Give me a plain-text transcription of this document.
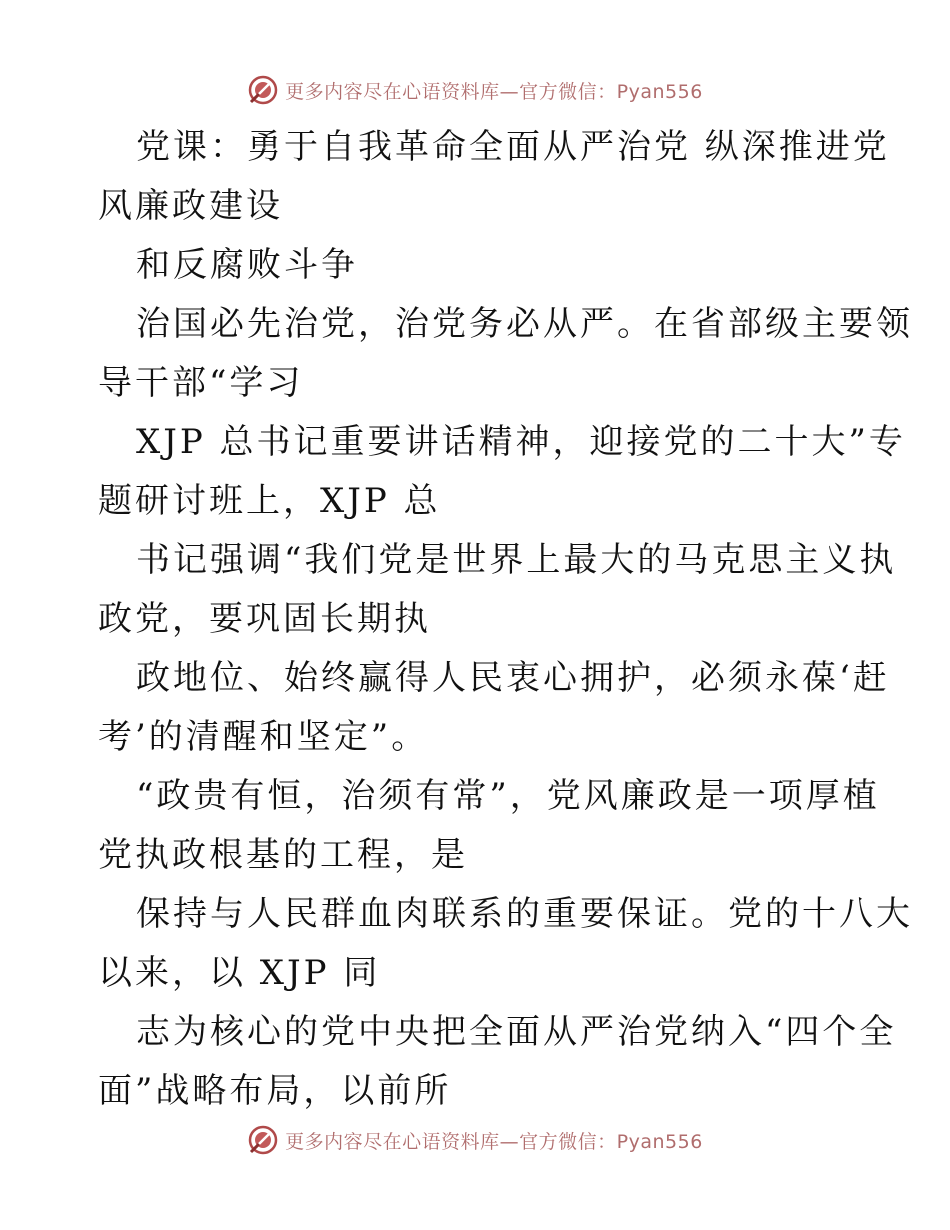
更多内容尽在心语资料库—官方微信：Pyan556
党课：勇于自我革命全面从严治党 纵深推进党
风廉政建设
和反腐败斗争
治国必先治党，治党务必从严。在省部级主要领
导干部“学习
XJP 总书记重要讲话精神，迎接党的二十大”专
题研讨班上，XJP 总
书记强调“我们党是世界上最大的马克思主义执
政党，要巩固长期执
政地位、始终赢得人民衷心拥护，必须永葆‘赶
考’的清醒和坚定”。
“政贵有恒，治须有常”，党风廉政是一项厚植
党执政根基的工程，是
保持与人民群血肉联系的重要保证。党的十八大
以来，以 XJP 同
志为核心的党中央把全面从严治党纳入“四个全
面”战略布局，以前所
更多内容尽在心语资料库—官方微信：Pyan556
